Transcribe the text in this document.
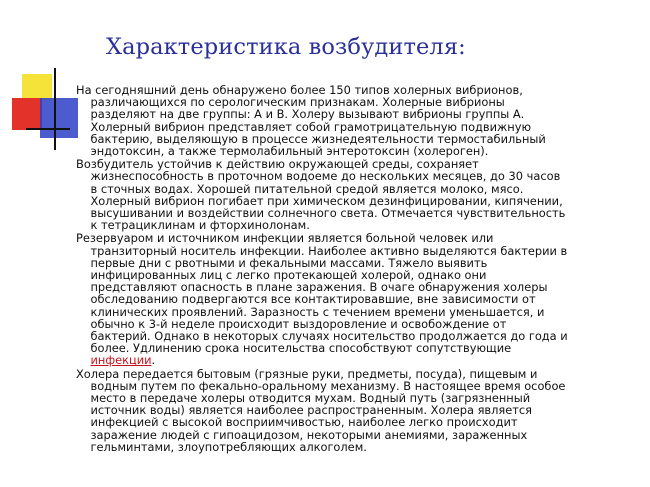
Характеристика возбудителя:
На сегодняшний день обнаружено более 150 типов холерных вибрионов,
различающихся по серологическим признакам. Холерные вибрионы
разделяют на две группы: А и В. Холеру вызывают вибрионы группы А.
Холерный вибрион представляет собой грамотрицательную подвижную
бактерию, выделяющую в процессе жизнедеятельности термостабильный
эндотоксин, а также термолабильный энтеротоксин (холероген).
Возбудитель устойчив к действию окружающей среды, сохраняет
жизнеспособность в проточном водоеме до нескольких месяцев, до 30 часов
в сточных водах. Хорошей питательной средой является молоко, мясо.
Холерный вибрион погибает при химическом дезинфицировании, кипячении,
высушивании и воздействии солнечного света. Отмечается чувствительность
к тетрациклинам и фторхинолонам.
Резервуаром и источником инфекции является больной человек или
транзиторный носитель инфекции. Наиболее активно выделяются бактерии в
первые дни с рвотными и фекальными массами. Тяжело выявить
инфицированных лиц с легко протекающей холерой, однако они
представляют опасность в плане заражения. В очаге обнаружения холеры
обследованию подвергаются все контактировавшие, вне зависимости от
клинических проявлений. Заразность с течением времени уменьшается, и
обычно к 3-й неделе происходит выздоровление и освобождение от
бактерий. Однако в некоторых случаях носительство продолжается до года и
более. Удлинению срока носительства способствуют сопутствующие
инфекции.
Холера передается бытовым (грязные руки, предметы, посуда), пищевым и
водным путем по фекально-оральному механизму. В настоящее время особое
место в передаче холеры отводится мухам. Водный путь (загрязненный
источник воды) является наиболее распространенным. Холера является
инфекцией с высокой восприимчивостью, наиболее легко происходит
заражение людей с гипоацидозом, некоторыми анемиями, зараженных
гельминтами, злоупотребляющих алкоголем.
